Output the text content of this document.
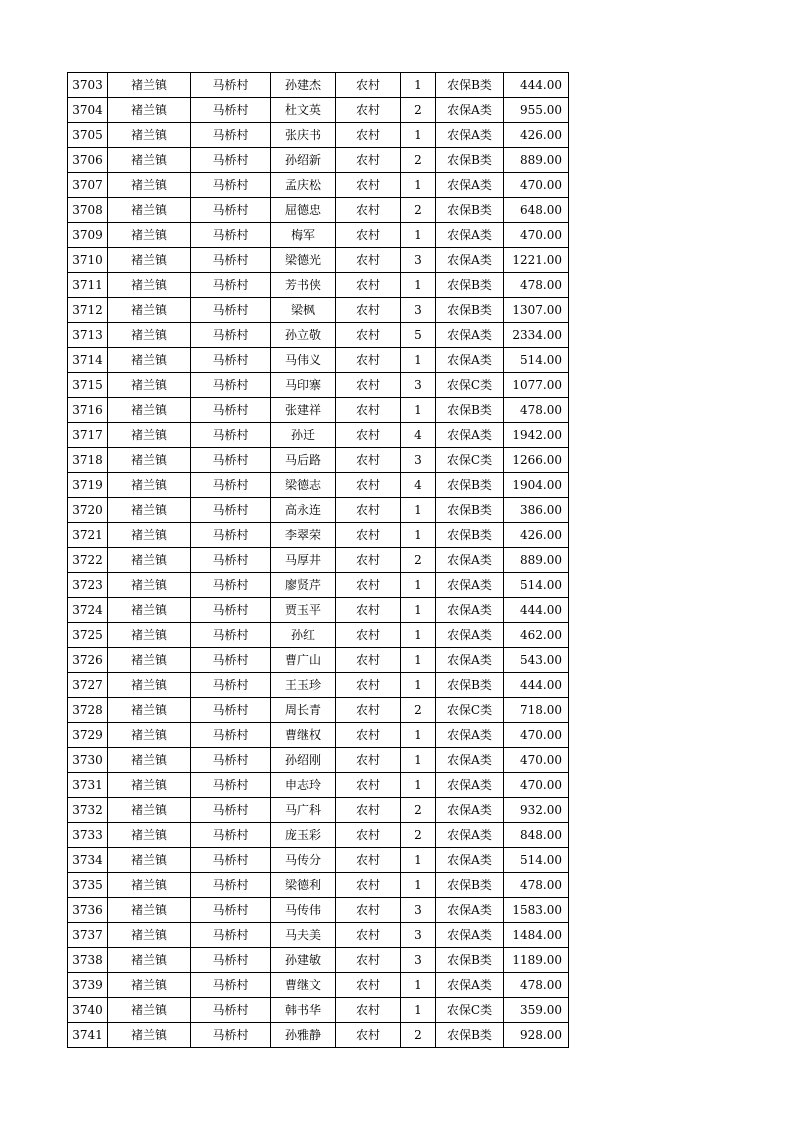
3703	褚兰镇	马桥村	孙建杰	农村	1	农保B类	444.00
3704	褚兰镇	马桥村	杜文英	农村	2	农保A类	955.00
3705	褚兰镇	马桥村	张庆书	农村	1	农保A类	426.00
3706	褚兰镇	马桥村	孙绍新	农村	2	农保B类	889.00
3707	褚兰镇	马桥村	孟庆松	农村	1	农保A类	470.00
3708	褚兰镇	马桥村	屈德忠	农村	2	农保B类	648.00
3709	褚兰镇	马桥村	梅军	农村	1	农保A类	470.00
3710	褚兰镇	马桥村	梁德光	农村	3	农保A类	1221.00
3711	褚兰镇	马桥村	芳书侠	农村	1	农保B类	478.00
3712	褚兰镇	马桥村	梁枫	农村	3	农保B类	1307.00
3713	褚兰镇	马桥村	孙立敬	农村	5	农保A类	2334.00
3714	褚兰镇	马桥村	马伟义	农村	1	农保A类	514.00
3715	褚兰镇	马桥村	马印寨	农村	3	农保C类	1077.00
3716	褚兰镇	马桥村	张建祥	农村	1	农保B类	478.00
3717	褚兰镇	马桥村	孙迁	农村	4	农保A类	1942.00
3718	褚兰镇	马桥村	马后路	农村	3	农保C类	1266.00
3719	褚兰镇	马桥村	梁德志	农村	4	农保B类	1904.00
3720	褚兰镇	马桥村	高永连	农村	1	农保B类	386.00
3721	褚兰镇	马桥村	李翠荣	农村	1	农保B类	426.00
3722	褚兰镇	马桥村	马厚井	农村	2	农保A类	889.00
3723	褚兰镇	马桥村	廖贤芹	农村	1	农保A类	514.00
3724	褚兰镇	马桥村	贾玉平	农村	1	农保A类	444.00
3725	褚兰镇	马桥村	孙红	农村	1	农保A类	462.00
3726	褚兰镇	马桥村	曹广山	农村	1	农保A类	543.00
3727	褚兰镇	马桥村	王玉珍	农村	1	农保B类	444.00
3728	褚兰镇	马桥村	周长青	农村	2	农保C类	718.00
3729	褚兰镇	马桥村	曹继权	农村	1	农保A类	470.00
3730	褚兰镇	马桥村	孙绍刚	农村	1	农保A类	470.00
3731	褚兰镇	马桥村	申志玲	农村	1	农保A类	470.00
3732	褚兰镇	马桥村	马广科	农村	2	农保A类	932.00
3733	褚兰镇	马桥村	庞玉彩	农村	2	农保A类	848.00
3734	褚兰镇	马桥村	马传分	农村	1	农保A类	514.00
3735	褚兰镇	马桥村	梁德利	农村	1	农保B类	478.00
3736	褚兰镇	马桥村	马传伟	农村	3	农保A类	1583.00
3737	褚兰镇	马桥村	马夫美	农村	3	农保A类	1484.00
3738	褚兰镇	马桥村	孙建敏	农村	3	农保B类	1189.00
3739	褚兰镇	马桥村	曹继文	农村	1	农保A类	478.00
3740	褚兰镇	马桥村	韩书华	农村	1	农保C类	359.00
3741	褚兰镇	马桥村	孙雅静	农村	2	农保B类	928.00
